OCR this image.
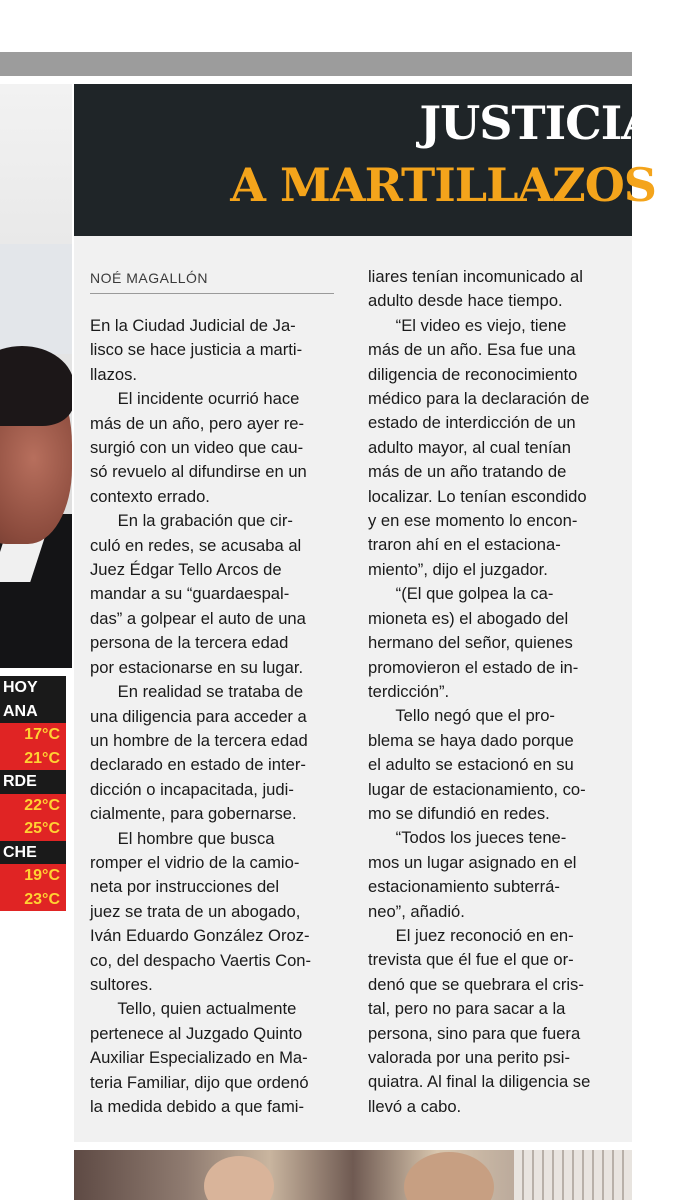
HOY
ANA
17°C
21°C
RDE
22°C
25°C
CHE
19°C
23°C
JUSTICIA
A MARTILLAZOS
NOÉ MAGALLÓN
En la Ciudad Judicial de Ja-
lisco se hace justicia a marti-
llazos.
El incidente ocurrió hace
más de un año, pero ayer re-
surgió con un video que cau-
só revuelo al difundirse en un
contexto errado.
En la grabación que cir-
culó en redes, se acusaba al
Juez Édgar Tello Arcos de
mandar a su “guardaespal-
das” a golpear el auto de una
persona de la tercera edad
por estacionarse en su lugar.
En realidad se trataba de
una diligencia para acceder a
un hombre de la tercera edad
declarado en estado de inter-
dicción o incapacitada, judi-
cialmente, para gobernarse.
El hombre que busca
romper el vidrio de la camio-
neta por instrucciones del
juez se trata de un abogado,
Iván Eduardo González Oroz-
co, del despacho Vaertis Con-
sultores.
Tello, quien actualmente
pertenece al Juzgado Quinto
Auxiliar Especializado en Ma-
teria Familiar, dijo que ordenó
la medida debido a que fami-
liares tenían incomunicado al
adulto desde hace tiempo.
“El video es viejo, tiene
más de un año. Esa fue una
diligencia de reconocimiento
médico para la declaración de
estado de interdicción de un
adulto mayor, al cual tenían
más de un año tratando de
localizar. Lo tenían escondido
y en ese momento lo encon-
traron ahí en el estaciona-
miento”, dijo el juzgador.
“(El que golpea la ca-
mioneta es) el abogado del
hermano del señor, quienes
promovieron el estado de in-
terdicción”.
Tello negó que el pro-
blema se haya dado porque
el adulto se estacionó en su
lugar de estacionamiento, co-
mo se difundió en redes.
“Todos los jueces tene-
mos un lugar asignado en el
estacionamiento subterrá-
neo”, añadió.
El juez reconoció en en-
trevista que él fue el que or-
denó que se quebrara el cris-
tal, pero no para sacar a la
persona, sino para que fuera
valorada por una perito psi-
quiatra. Al final la diligencia se
llevó a cabo.
